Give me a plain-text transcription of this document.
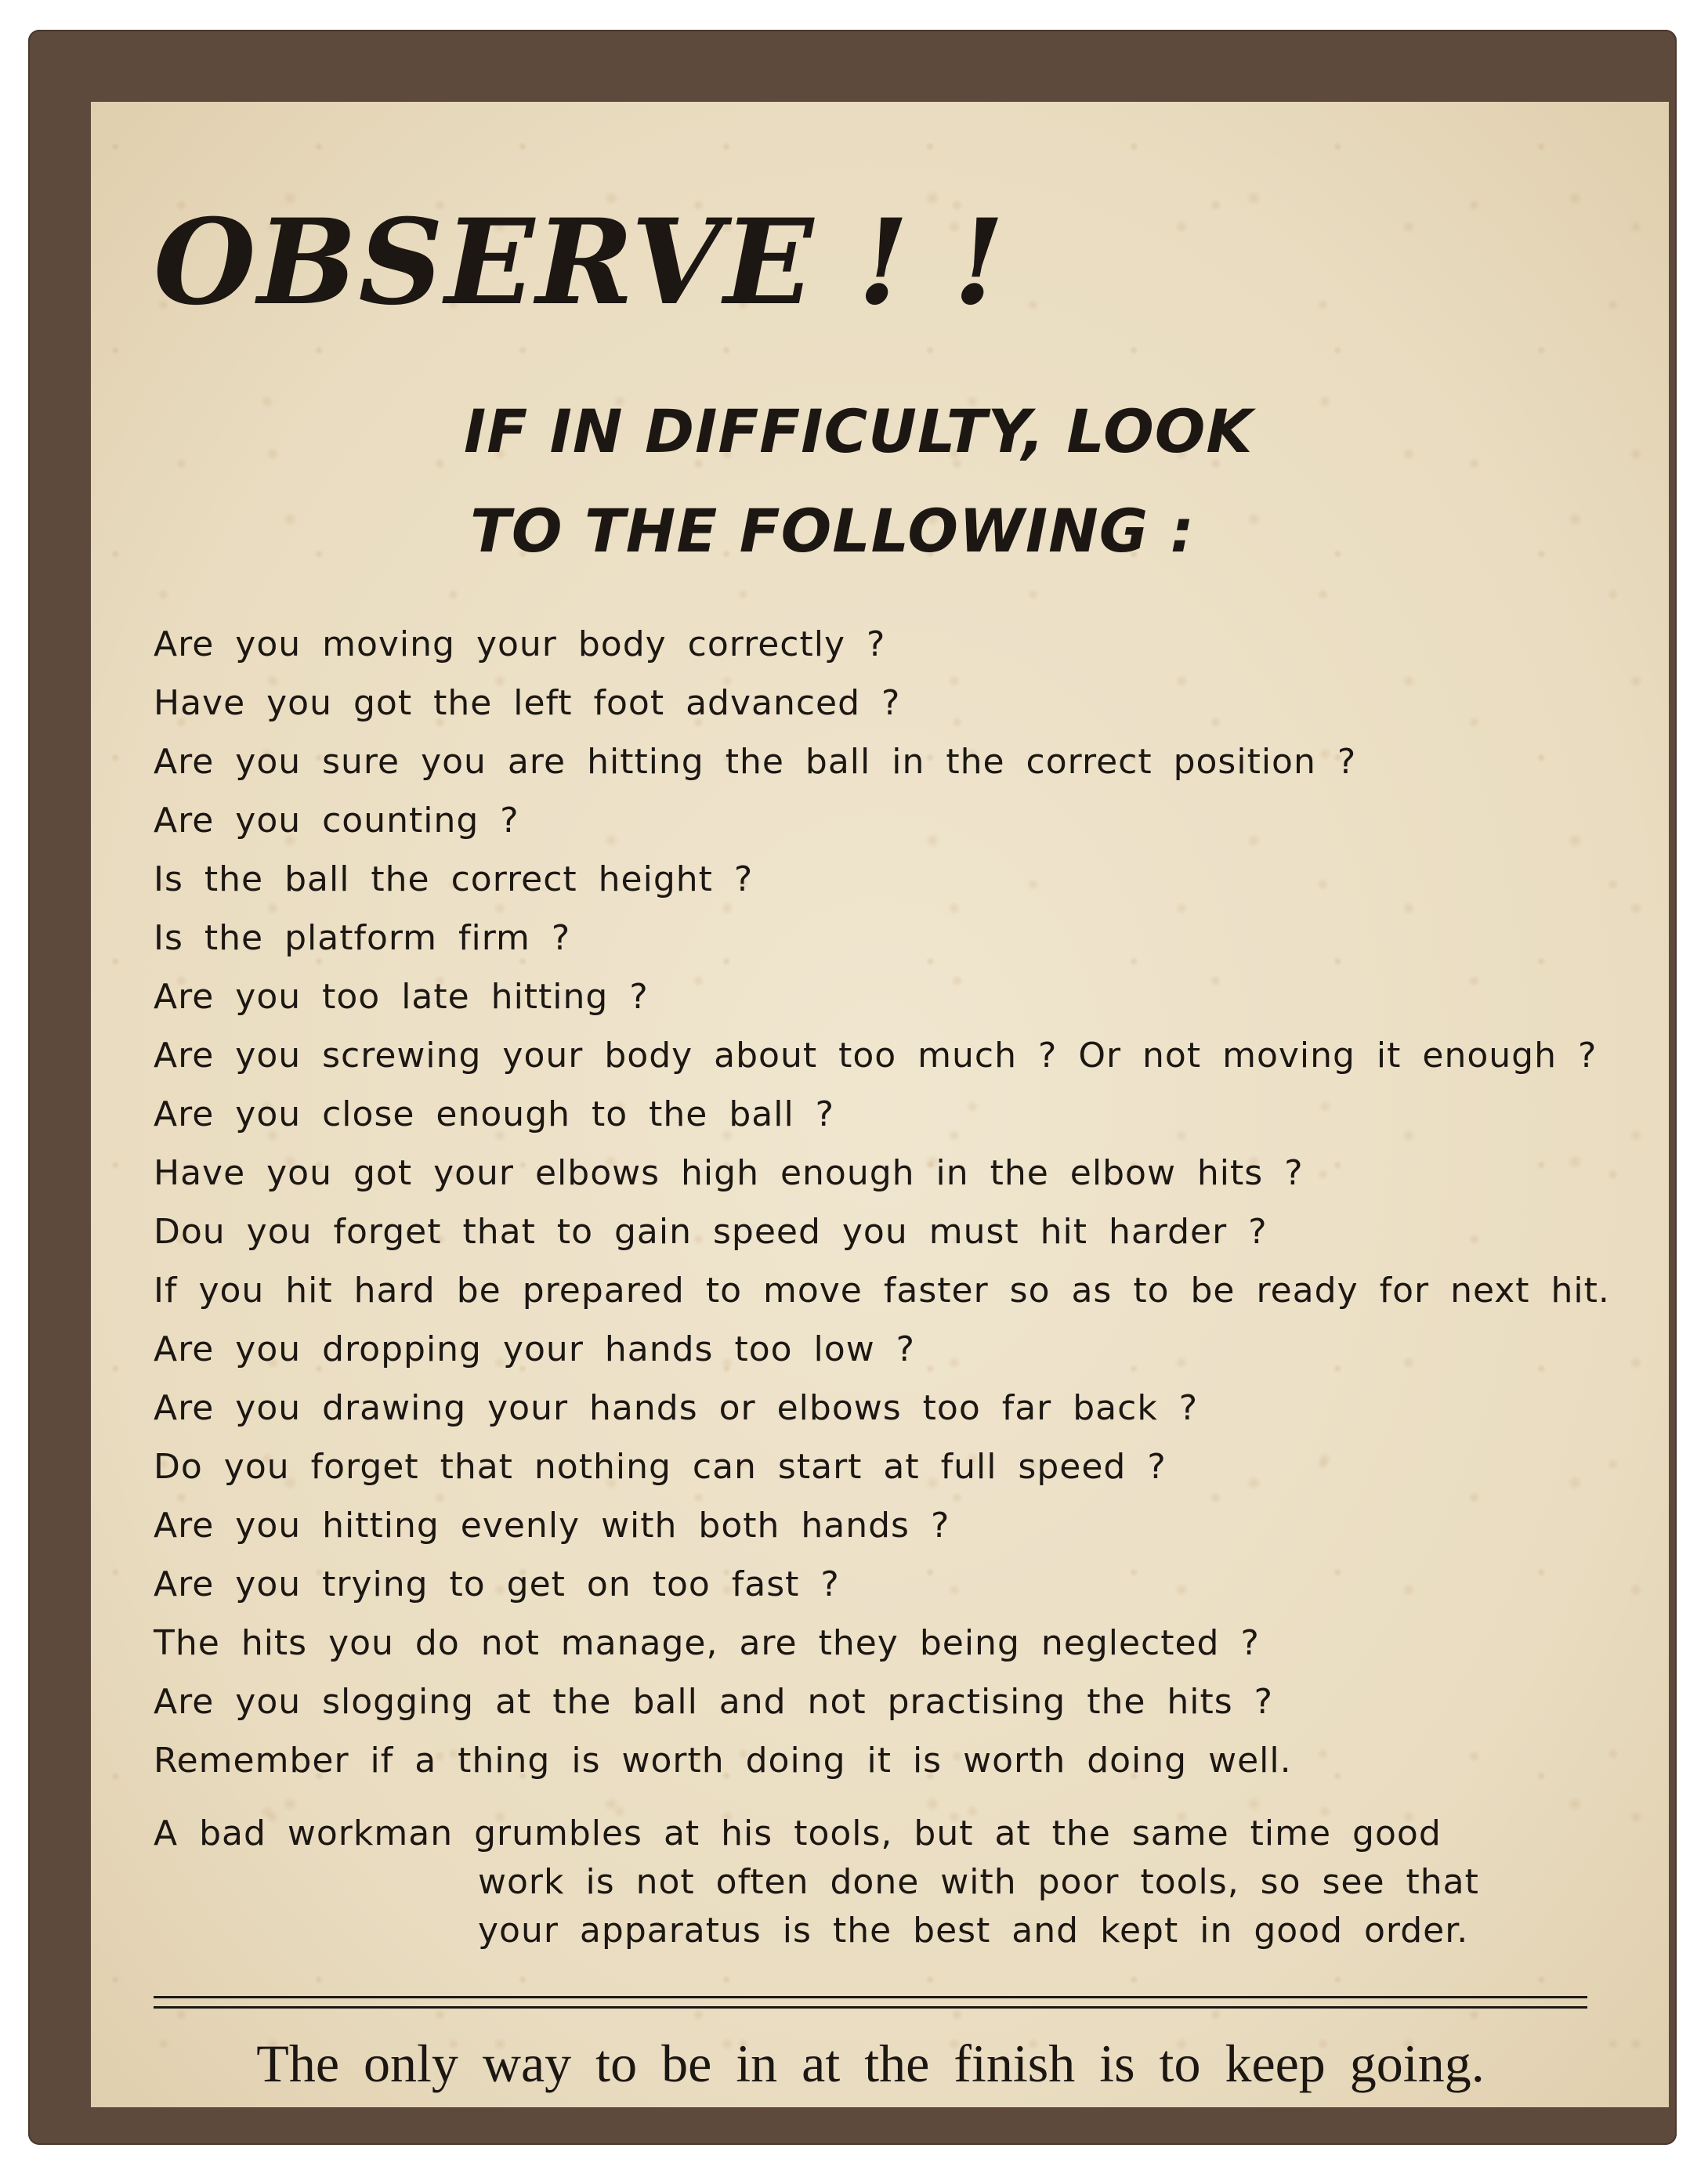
OBSERVE ! !
IF IN DIFFICULTY, LOOK
TO THE FOLLOWING :
Are you moving your body correctly ?
Have you got the left foot advanced ?
Are you sure you are hitting the ball in the correct position ?
Are you counting ?
Is the ball the correct height ?
Is the platform firm ?
Are you too late hitting ?
Are you screwing your body about too much ? Or not moving it enough ?
Are you close enough to the ball ?
Have you got your elbows high enough in the elbow hits ?
Dou you forget that to gain speed you must hit harder ?
If you hit hard be prepared to move faster so as to be ready for next hit.
Are you dropping your hands too low ?
Are you drawing your hands or elbows too far back ?
Do you forget that nothing can start at full speed ?
Are you hitting evenly with both hands ?
Are you trying to get on too fast ?
The hits you do not manage, are they being neglected ?
Are you slogging at the ball and not practising the hits ?
Remember if a thing is worth doing it is worth doing well.
A bad workman grumbles at his tools, but at the same time good
work is not often done with poor tools, so see that
your apparatus is the best and kept in good order.

The only way to be in at the finish is to keep going.
